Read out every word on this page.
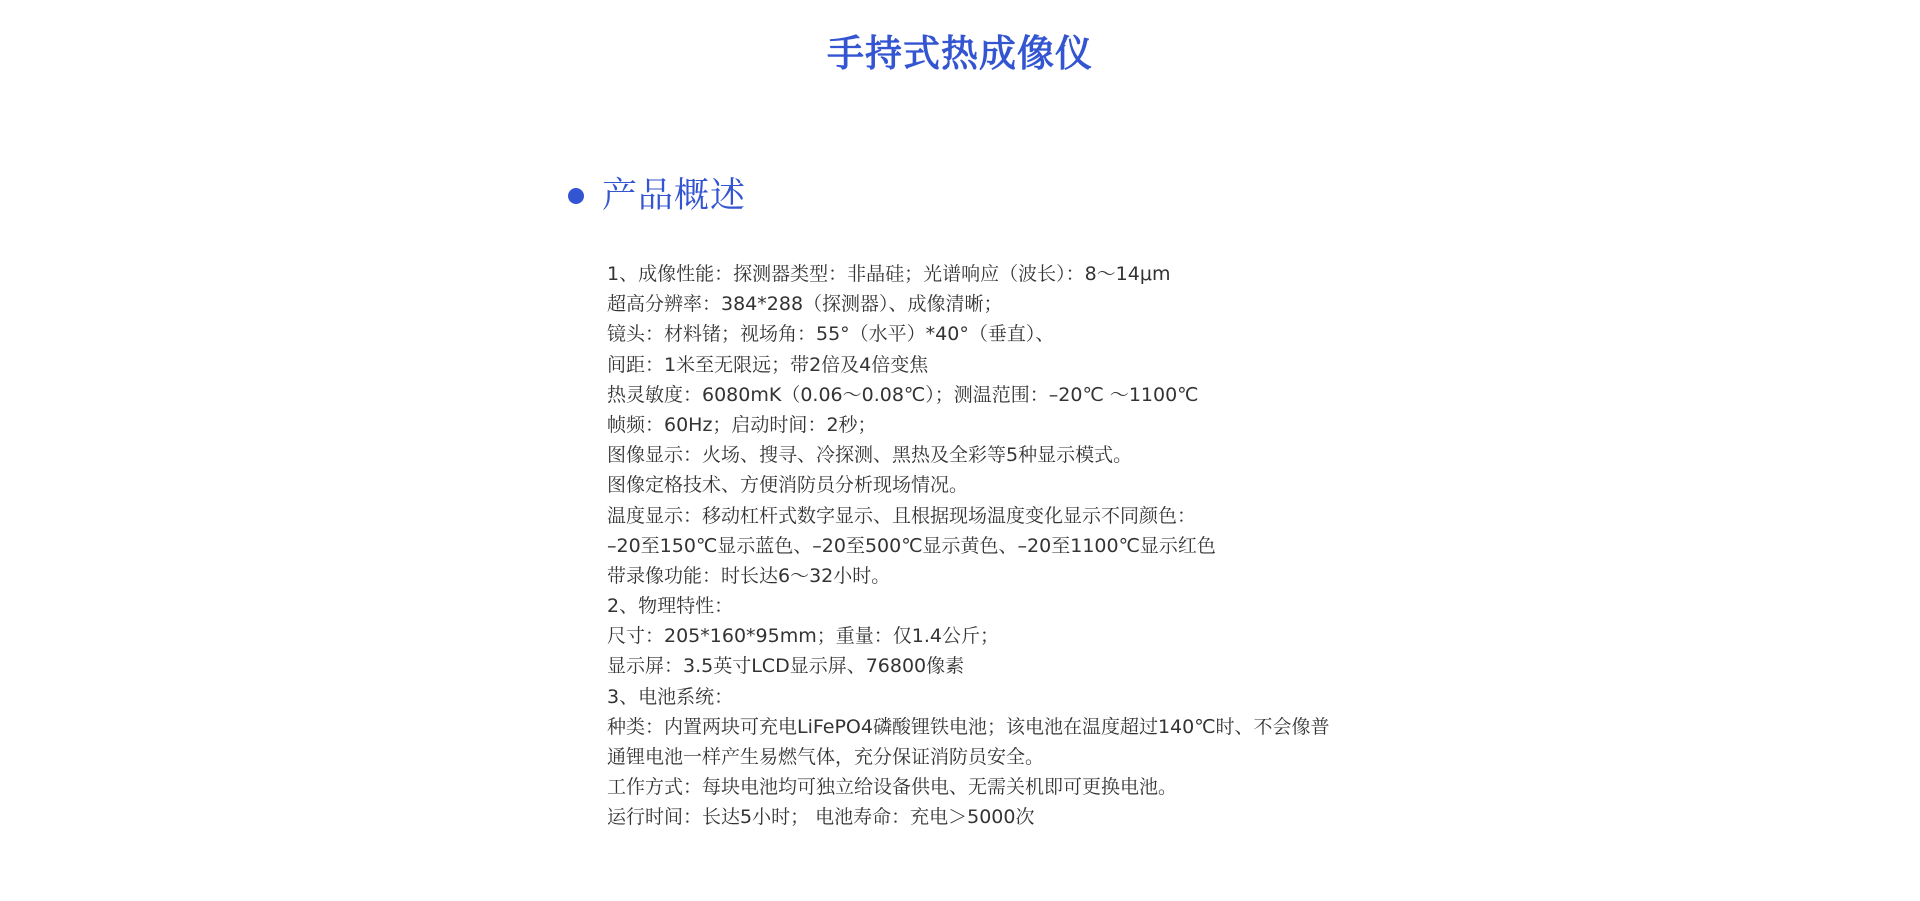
手持式热成像仪
产品概述

1、成像性能：探测器类型：非晶硅；光谱响应（波长）：8～14μm

超高分辨率：384*288（探测器）、成像清晰；

镜头：材料锗；视场角：55°（水平）*40°（垂直）、

间距：1米至无限远；带2倍及4倍变焦

热灵敏度：6080mK（0.06～0.08℃）；测温范围：–20℃ ～1100℃

帧频：60Hz；启动时间：2秒；

图像显示：火场、搜寻、冷探测、黑热及全彩等5种显示模式。

图像定格技术、方便消防员分析现场情况。

温度显示：移动杠杆式数字显示、且根据现场温度变化显示不同颜色：

–20至150℃显示蓝色、–20至500℃显示黄色、–20至1100℃显示红色

带录像功能：时长达6～32小时。

2、物理特性：

尺寸：205*160*95mm；重量：仅1.4公斤；

显示屏：3.5英寸LCD显示屏、76800像素

3、电池系统：

种类：内置两块可充电LiFePO4磷酸锂铁电池；该电池在温度超过140℃时、不会像普

通锂电池一样产生易燃气体，充分保证消防员安全。

工作方式：每块电池均可独立给设备供电、无需关机即可更换电池。

运行时间：长达5小时； 电池寿命：充电＞5000次
